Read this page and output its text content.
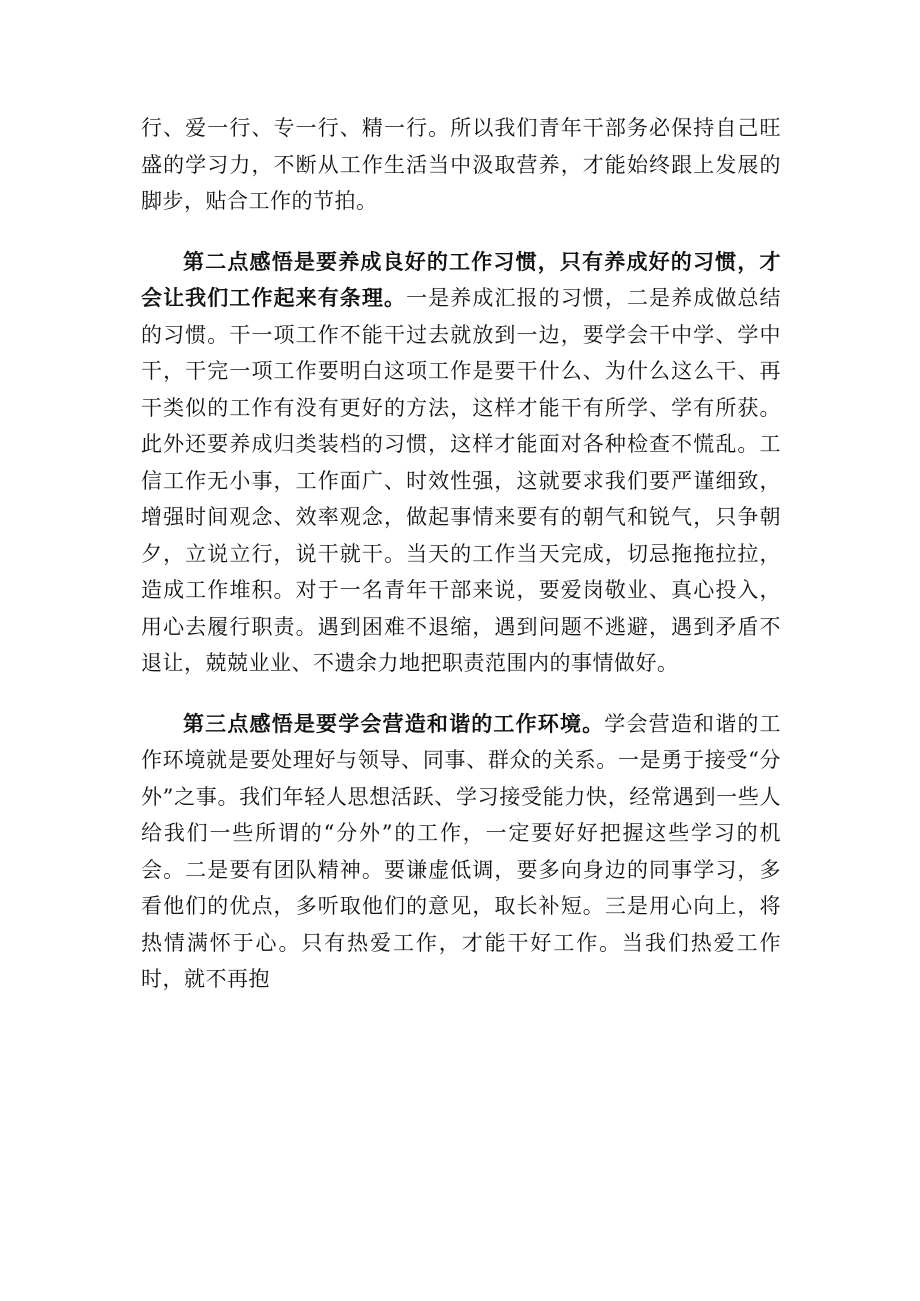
行、爱一行、专一行、精一行。所以我们青年干部务必保持自己旺盛的学习力，不断从工作生活当中汲取营养，才能始终跟上发展的脚步，贴合工作的节拍。

第二点感悟是要养成良好的工作习惯，只有养成好的习惯，才会让我们工作起来有条理。一是养成汇报的习惯，二是养成做总结的习惯。干一项工作不能干过去就放到一边，要学会干中学、学中干，干完一项工作要明白这项工作是要干什么、为什么这么干、再干类似的工作有没有更好的方法，这样才能干有所学、学有所获。此外还要养成归类装档的习惯，这样才能面对各种检查不慌乱。工信工作无小事，工作面广、时效性强，这就要求我们要严谨细致，增强时间观念、效率观念，做起事情来要有的朝气和锐气，只争朝夕，立说立行，说干就干。当天的工作当天完成，切忌拖拖拉拉，造成工作堆积。对于一名青年干部来说，要爱岗敬业、真心投入，用心去履行职责。遇到困难不退缩，遇到问题不逃避，遇到矛盾不退让，兢兢业业、不遗余力地把职责范围内的事情做好。

第三点感悟是要学会营造和谐的工作环境。学会营造和谐的工作环境就是要处理好与领导、同事、群众的关系。一是勇于接受“分外”之事。我们年轻人思想活跃、学习接受能力快，经常遇到一些人给我们一些所谓的“分外”的工作，一定要好好把握这些学习的机会。二是要有团队精神。要谦虚低调，要多向身边的同事学习，多看他们的优点，多听取他们的意见，取长补短。三是用心向上，将热情满怀于心。只有热爱工作，才能干好工作。当我们热爱工作时，就不再抱
